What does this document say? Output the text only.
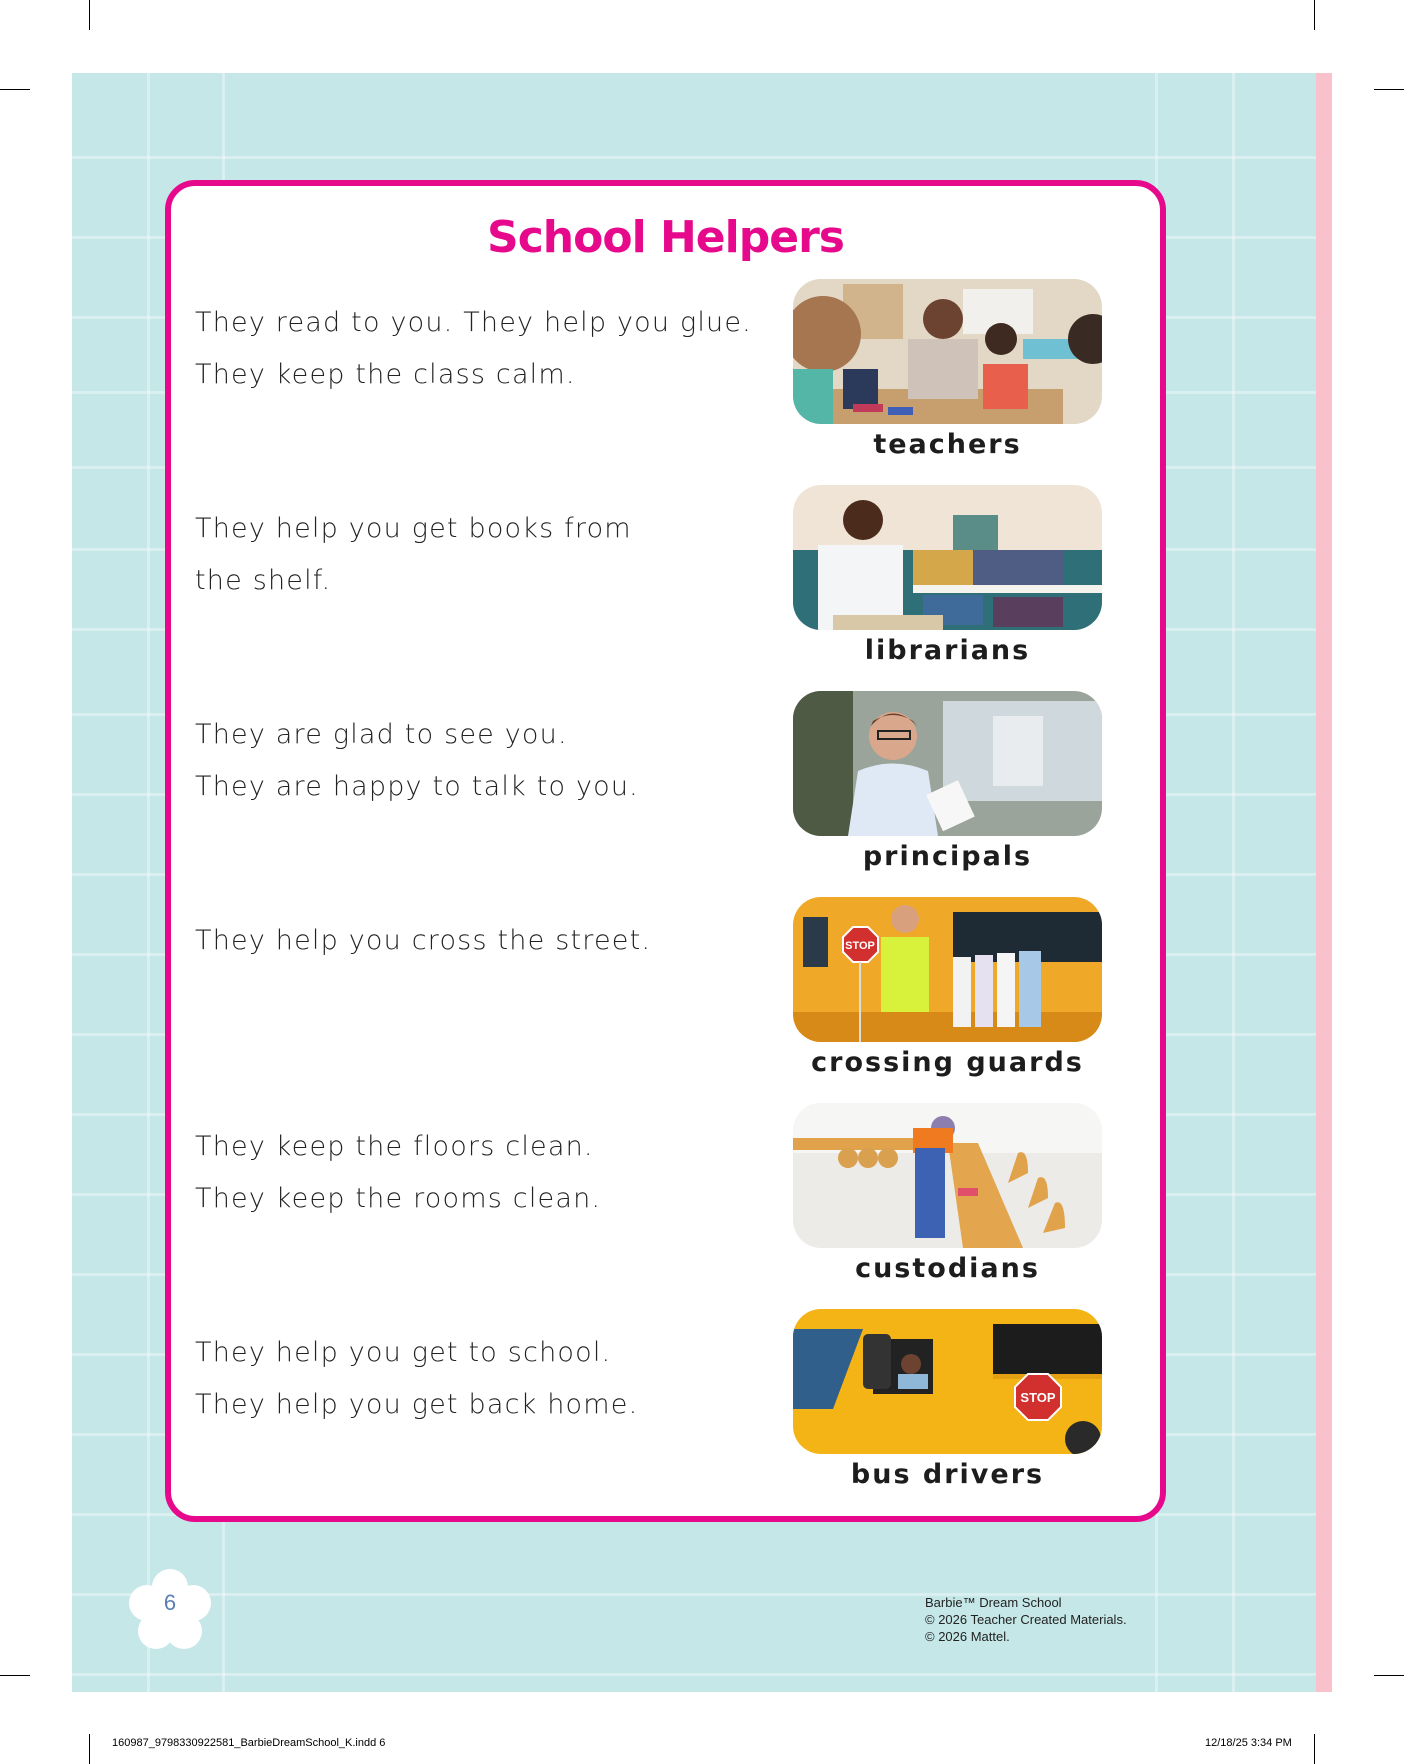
School Helpers
They read to you. They help you glue.
They keep the class calm.
teachers
They help you get books from
the shelf.
librarians
They are glad to see you.
They are happy to talk to you.
principals
They help you cross the street.	STOP
crossing guards
They keep the floors clean.
They keep the rooms clean.
custodians
They help you get to school.
They help you get back home.	STOP
bus drivers
6	Barbie™ Dream School
© 2026 Teacher Created Materials.
© 2026 Mattel.
160987_9798330922581_BarbieDreamSchool_K.indd 6	12/18/25 3:34 PM
